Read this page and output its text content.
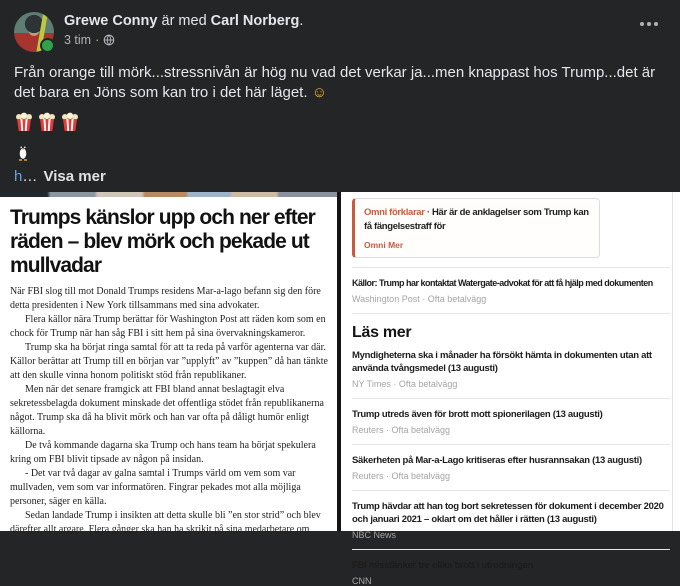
Grewe Conny är med Carl Norberg.
3 tim ·
Från orange till mörk...stressnivån är hög nu vad det verkar ja...men knappast hos Trump...det är det bara en Jöns som kan tro i det här läget. ☺
h… Visa mer
Trumps känslor upp och ner efter räden – blev mörk och pekade ut mullvadar

När FBI slog till mot Donald Trumps residens Mar-a-lago befann sig den före detta presidenten i New York tillsammans med sina advokater.

Flera källor nära Trump berättar för Washington Post att räden kom som en chock för Trump när han såg FBI i sitt hem på sina övervakningskameror.

Trump ska ha börjat ringa samtal för att ta reda på varför agenterna var där. Källor berättar att Trump till en början var ”upplyft” av ”kuppen” då han tänkte att den skulle vinna honom politiskt stöd från republikaner.

Men när det senare framgick att FBI bland annat beslagtagit elva sekretessbelagda dokument minskade det offentliga stödet från republikanerna något. Trump ska då ha blivit mörk och han var ofta på dåligt humör enligt källorna.

De två kommande dagarna ska Trump och hans team ha börjat spekulera kring om FBI blivit tipsade av någon på insidan.

- Det var två dagar av galna samtal i Trumps värld om vem som var mullvaden, vem som var informatören. Fingrar pekades mot alla möjliga personer, säger en källa.

Sedan landade Trump i insikten att detta skulle bli ”en stor strid” och blev därefter allt argare. Flera gånger ska han ha skrikit på sina medarbetare om

Omni förklarar · Här är de anklagelser som Trump kan få fängelsestraff för
Omni Mer
Källor: Trump har kontaktat Watergate-advokat för att få hjälp med dokumenten
Washington Post · Ofta betalvägg
Läs mer
Myndigheterna ska i månader ha försökt hämta in dokumenten utan att använda tvångsmedel (13 augusti)
NY Times · Ofta betalvägg
Trump utreds även för brott mott spionerilagen (13 augusti)
Reuters · Ofta betalvägg
Säkerheten på Mar-a-Lago kritiseras efter husrannsakan (13 augusti)
Reuters · Ofta betalvägg
Trump hävdar att han tog bort sekretessen för dokument i december 2020 och januari 2021 – oklart om det håller i rätten (13 augusti)
NBC News
FBI misstänker tre olika brott i utredningen
CNN
